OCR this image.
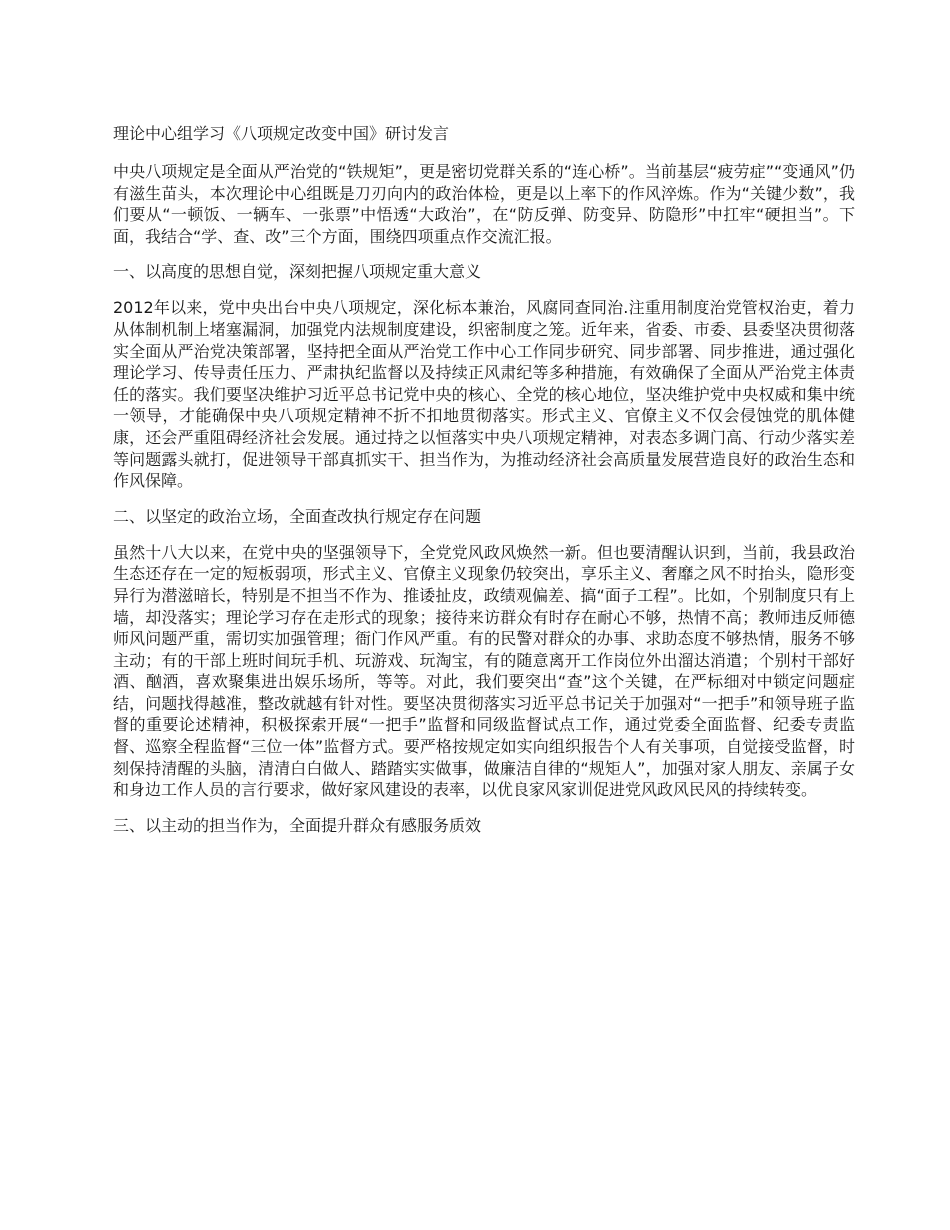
理论中心组学习《八项规定改变中国》研讨发言

中央八项规定是全面从严治党的“铁规矩”，更是密切党群关系的“连心桥”。当前基层“疲劳症”“变通风”仍有滋生苗头，本次理论中心组既是刀刃向内的政治体检，更是以上率下的作风淬炼。作为“关键少数”，我们要从“一顿饭、一辆车、一张票”中悟透“大政治”，在“防反弹、防变异、防隐形”中扛牢“硬担当”。下面，我结合“学、查、改”三个方面，围绕四项重点作交流汇报。

一、以高度的思想自觉，深刻把握八项规定重大意义

2012年以来，党中央出台中央八项规定，深化标本兼治，风腐同查同治.注重用制度治党管权治吏，着力从体制机制上堵塞漏洞，加强党内法规制度建设，织密制度之笼。近年来，省委、市委、县委坚决贯彻落实全面从严治党决策部署，坚持把全面从严治党工作中心工作同步研究、同步部署、同步推进，通过强化理论学习、传导责任压力、严肃执纪监督以及持续正风肃纪等多种措施，有效确保了全面从严治党主体责任的落实。我们要坚决维护习近平总书记党中央的核心、全党的核心地位，坚决维护党中央权威和集中统一领导，才能确保中央八项规定精神不折不扣地贯彻落实。形式主义、官僚主义不仅会侵蚀党的肌体健康，还会严重阻碍经济社会发展。通过持之以恒落实中央八项规定精神，对表态多调门高、行动少落实差等问题露头就打，促进领导干部真抓实干、担当作为，为推动经济社会高质量发展营造良好的政治生态和作风保障。

二、以坚定的政治立场，全面查改执行规定存在问题

虽然十八大以来，在党中央的坚强领导下，全党党风政风焕然一新。但也要清醒认识到，当前，我县政治生态还存在一定的短板弱项，形式主义、官僚主义现象仍较突出，享乐主义、奢靡之风不时抬头，隐形变异行为潜滋暗长，特别是不担当不作为、推诿扯皮，政绩观偏差、搞“面子工程”。比如，个别制度只有上墙，却没落实；理论学习存在走形式的现象；接待来访群众有时存在耐心不够，热情不高；教师违反师德师风问题严重，需切实加强管理；衙门作风严重。有的民警对群众的办事、求助态度不够热情，服务不够主动；有的干部上班时间玩手机、玩游戏、玩淘宝，有的随意离开工作岗位外出溜达消遣；个别村干部好酒、酗酒，喜欢聚集进出娱乐场所，等等。对此，我们要突出“查”这个关键，在严标细对中锁定问题症结，问题找得越准，整改就越有针对性。要坚决贯彻落实习近平总书记关于加强对“一把手”和领导班子监督的重要论述精神，积极探索开展“一把手”监督和同级监督试点工作，通过党委全面监督、纪委专责监督、巡察全程监督“三位一体”监督方式。要严格按规定如实向组织报告个人有关事项，自觉接受监督，时刻保持清醒的头脑，清清白白做人、踏踏实实做事，做廉洁自律的“规矩人”，加强对家人朋友、亲属子女和身边工作人员的言行要求，做好家风建设的表率，以优良家风家训促进党风政风民风的持续转变。

三、以主动的担当作为，全面提升群众有感服务质效
